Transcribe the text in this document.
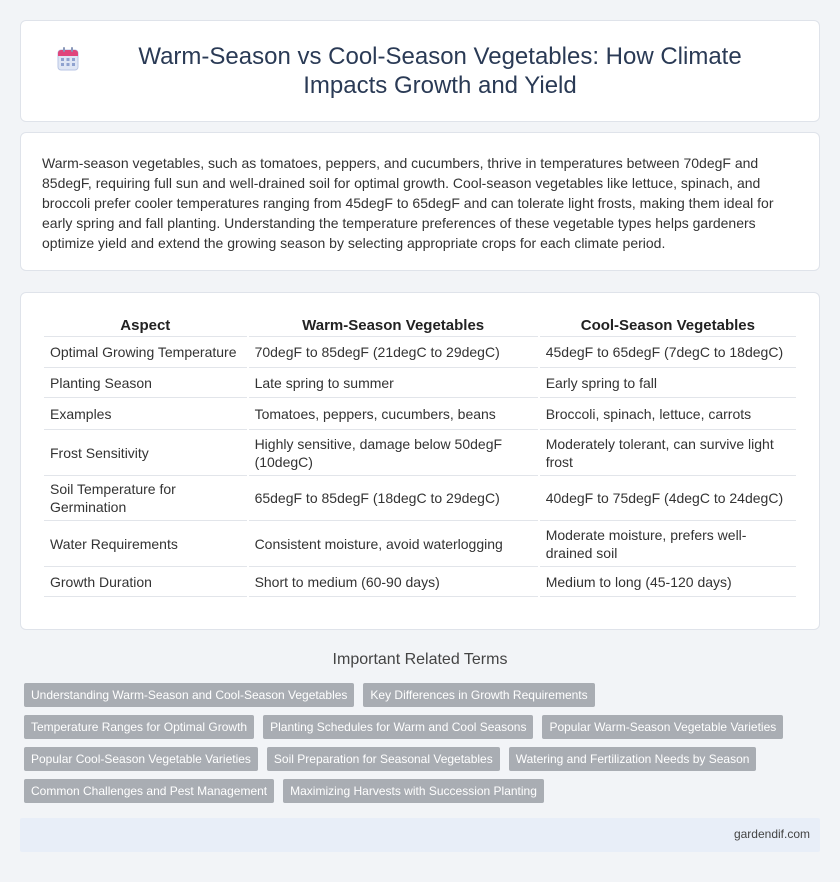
Warm-Season vs Cool-Season Vegetables: How Climate Impacts Growth and Yield

Warm-season vegetables, such as tomatoes, peppers, and cucumbers, thrive in temperatures between 70degF and 85degF, requiring full sun and well-drained soil for optimal growth. Cool-season vegetables like lettuce, spinach, and broccoli prefer cooler temperatures ranging from 45degF to 65degF and can tolerate light frosts, making them ideal for early spring and fall planting. Understanding the temperature preferences of these vegetable types helps gardeners optimize yield and extend the growing season by selecting appropriate crops for each climate period.

Aspect	Warm-Season Vegetables	Cool-Season Vegetables
Optimal Growing Temperature	70degF to 85degF (21degC to 29degC)	45degF to 65degF (7degC to 18degC)
Planting Season	Late spring to summer	Early spring to fall
Examples	Tomatoes, peppers, cucumbers, beans	Broccoli, spinach, lettuce, carrots
Frost Sensitivity	Highly sensitive, damage below 50degF (10degC)	Moderately tolerant, can survive light frost
Soil Temperature for Germination	65degF to 85degF (18degC to 29degC)	40degF to 75degF (4degC to 24degC)
Water Requirements	Consistent moisture, avoid waterlogging	Moderate moisture, prefers well-drained soil
Growth Duration	Short to medium (60-90 days)	Medium to long (45-120 days)
Important Related Terms
Understanding Warm-Season and Cool-Season Vegetables	Key Differences in Growth Requirements
Temperature Ranges for Optimal Growth	Planting Schedules for Warm and Cool Seasons	Popular Warm-Season Vegetable Varieties
Popular Cool-Season Vegetable Varieties	Soil Preparation for Seasonal Vegetables	Watering and Fertilization Needs by Season
Common Challenges and Pest Management	Maximizing Harvests with Succession Planting
gardendif.com
